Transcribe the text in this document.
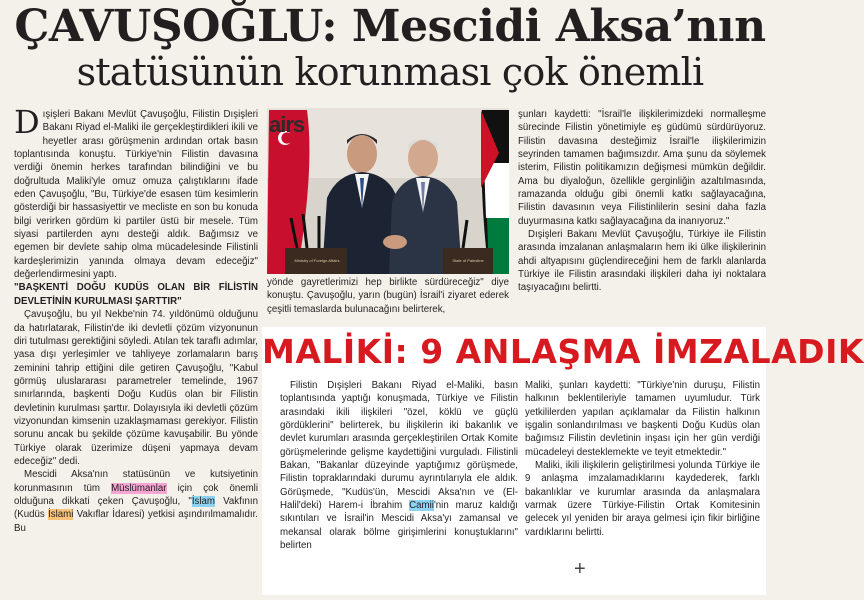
ÇAVUŞOĞLU: Mescidi Aksa’nın
statüsünün korunması çok önemli

Dışişleri Bakanı Mevlüt Çavuşoğlu, Filistin Dışişleri Bakanı Riyad el-Maliki ile gerçekleştirdikleri ikili ve heyetler arası görüşmenin ardından ortak basın toplantısında konuştu. Türkiye'nin Filistin davasına verdiği önemin herkes tarafından bilindiğini ve bu doğrultuda Maliki'yle omuz omuza çalıştıklarını ifade eden Çavuşoğlu, "Bu, Türkiye'de esasen tüm kesimlerin gösterdiği bir hassasiyettir ve mecliste en son bu konuda bilgi verirken gördüm ki partiler üstü bir mesele. Tüm siyasi partilerden aynı desteği aldık. Bağımsız ve egemen bir devlete sahip olma mücadelesinde Filistinli kardeşlerimizin yanında olmaya devam edeceğiz" değerlendirmesini yaptı.

"BAŞKENTİ DOĞU KUDÜS OLAN BİR FİLİSTİN DEVLETİNİN KURULMASI ŞARTTIR"

Çavuşoğlu, bu yıl Nekbe'nin 74. yıldönümü olduğunu da hatırlatarak, Filistin'de iki devletli çözüm vizyonunun diri tutulması gerektiğini söyledi. Atılan tek taraflı adımlar, yasa dışı yerleşimler ve tahliyeye zorlamaların barış zeminini tahrip ettiğini dile getiren Çavuşoğlu, "Kabul görmüş uluslararası parametreler temelinde, 1967 sınırlarında, başkenti Doğu Kudüs olan bir Filistin devletinin kurulması şarttır. Dolayısıyla iki devletli çözüm vizyonundan kimsenin uzaklaşmaması gerekiyor. Filistin sorunu ancak bu şekilde çözüme kavuşabilir. Bu yönde Türkiye olarak üzerimize düşeni yapmaya devam edeceğiz" dedi.

Mescidi Aksa'nın statüsünün ve kutsiyetinin korunmasının tüm Müslümanlar için çok önemli olduğuna dikkati çeken Çavuşoğlu, "İslam Vakfının (Kudüs İslami Vakıflar İdaresi) yetkisi aşındırılmamalıdır. Bu

airs
Ministry of Foreign Affairs	State of Palestine

yönde gayretlerimizi hep birlikte sürdüreceğiz" diye konuştu. Çavuşoğlu, yarın (bugün) İsrail'i ziyaret ederek çeşitli temaslarda bulunacağını belirterek,

şunları kaydetti: "İsrail'le ilişkilerimizdeki normalleşme sürecinde Filistin yönetimiyle eş güdümü sürdürüyoruz. Filistin davasına desteğimiz İsrail'le ilişkilerimizin seyrinden tamamen bağımsızdır. Ama şunu da söylemek isterim, Filistin politikamızın değişmesi mümkün değildir. Ama bu diyaloğun, özellikle gerginliğin azaltılmasında, ramazanda olduğu gibi önemli katkı sağlayacağına, Filistin davasının veya Filistinlilerin sesini daha fazla duyurmasına katkı sağlayacağına da inanıyoruz."

Dışişleri Bakanı Mevlüt Çavuşoğlu, Türkiye ile Filistin arasında imzalanan anlaşmaların hem iki ülke ilişkilerinin ahdi altyapısını güçlendireceğini hem de farklı alanlarda Türkiye ile Filistin arasındaki ilişkileri daha iyi noktalara taşıyacağını belirtti.

MALİKİ: 9 ANLAŞMA İMZALADIK

Filistin Dışişleri Bakanı Riyad el-Maliki, basın toplantısında yaptığı konuşmada, Türkiye ve Filistin arasındaki ikili ilişkileri "özel, köklü ve güçlü gördüklerini" belirterek, bu ilişkilerin iki bakanlık ve devlet kurumları arasında gerçekleştirilen Ortak Komite görüşmelerinde gelişme kaydettiğini vurguladı. Filistinli Bakan, "Bakanlar düzeyinde yaptığımız görüşmede, Filistin topraklarındaki durumu ayrıntılarıyla ele aldık. Görüşmede, "Kudüs'ün, Mescidi Aksa'nın ve (El-Halil'deki) Harem-i İbrahim Camii'nin maruz kaldığı sıkıntıları ve İsrail'in Mescidi Aksa'yı zamansal ve mekansal olarak bölme girişimlerini konuştuklarını" belirten

Maliki, şunları kaydetti: "Türkiye'nin duruşu, Filistin halkının beklentileriyle tamamen uyumludur. Türk yetkililerden yapılan açıklamalar da Filistin halkının işgalin sonlandırılması ve başkenti Doğu Kudüs olan bağımsız Filistin devletinin inşası için her gün verdiği mücadeleyi desteklemekte ve teyit etmektedir."

Maliki, ikili ilişkilerin geliştirilmesi yolunda Türkiye ile 9 anlaşma imzalamadıklarını kaydederek, farklı bakanlıklar ve kurumlar arasında da anlaşmalara varmak üzere Türkiye-Filistin Ortak Komitesinin gelecek yıl yeniden bir araya gelmesi için fikir birliğine vardıklarını belirtti.

+
